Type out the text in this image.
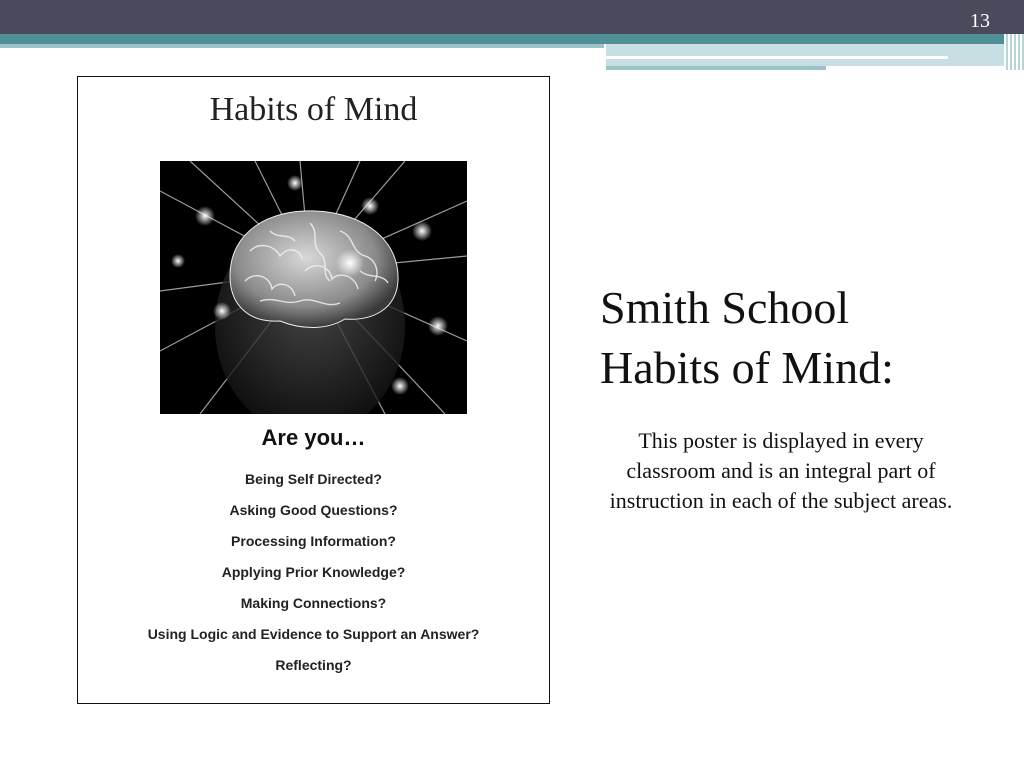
13
Habits of Mind
Are you…
Being Self Directed?
Asking Good Questions?
Processing Information?
Applying Prior Knowledge?
Making Connections?
Using Logic and Evidence to Support an Answer?
Reflecting?
Smith School
Habits of Mind:
This poster is displayed in every classroom and is an integral part of instruction in each of the subject areas.
